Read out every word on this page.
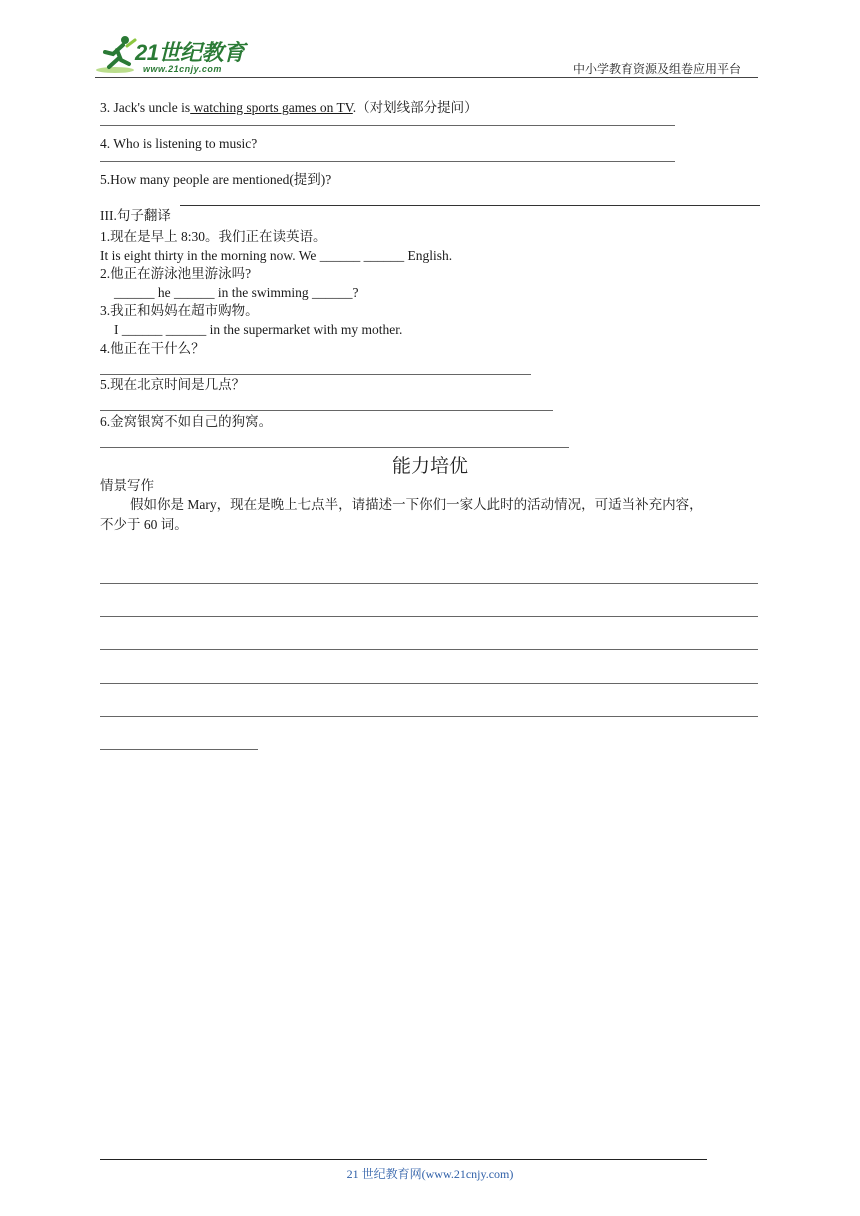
21世纪教育
www.21cnjy.com	中小学教育资源及组卷应用平台
3. Jack's uncle is watching sports games on TV.（对划线部分提问）
4. Who is listening to music?
5.How many people are mentioned(提到)?
III.句子翻译
1.现在是早上 8:30。我们正在读英语。
It is eight thirty in the morning now. We ______ ______ English.
2.他正在游泳池里游泳吗?
______ he ______ in the swimming ______?
3.我正和妈妈在超市购物。
I ______ ______ in the supermarket with my mother.
4.他正在干什么？
5.现在北京时间是几点？
6.金窝银窝不如自己的狗窝。
能力培优
情景写作
假如你是 Mary，现在是晚上七点半，请描述一下你们一家人此时的活动情况，可适当补充内容，
不少于 60 词。
21 世纪教育网(www.21cnjy.com)
